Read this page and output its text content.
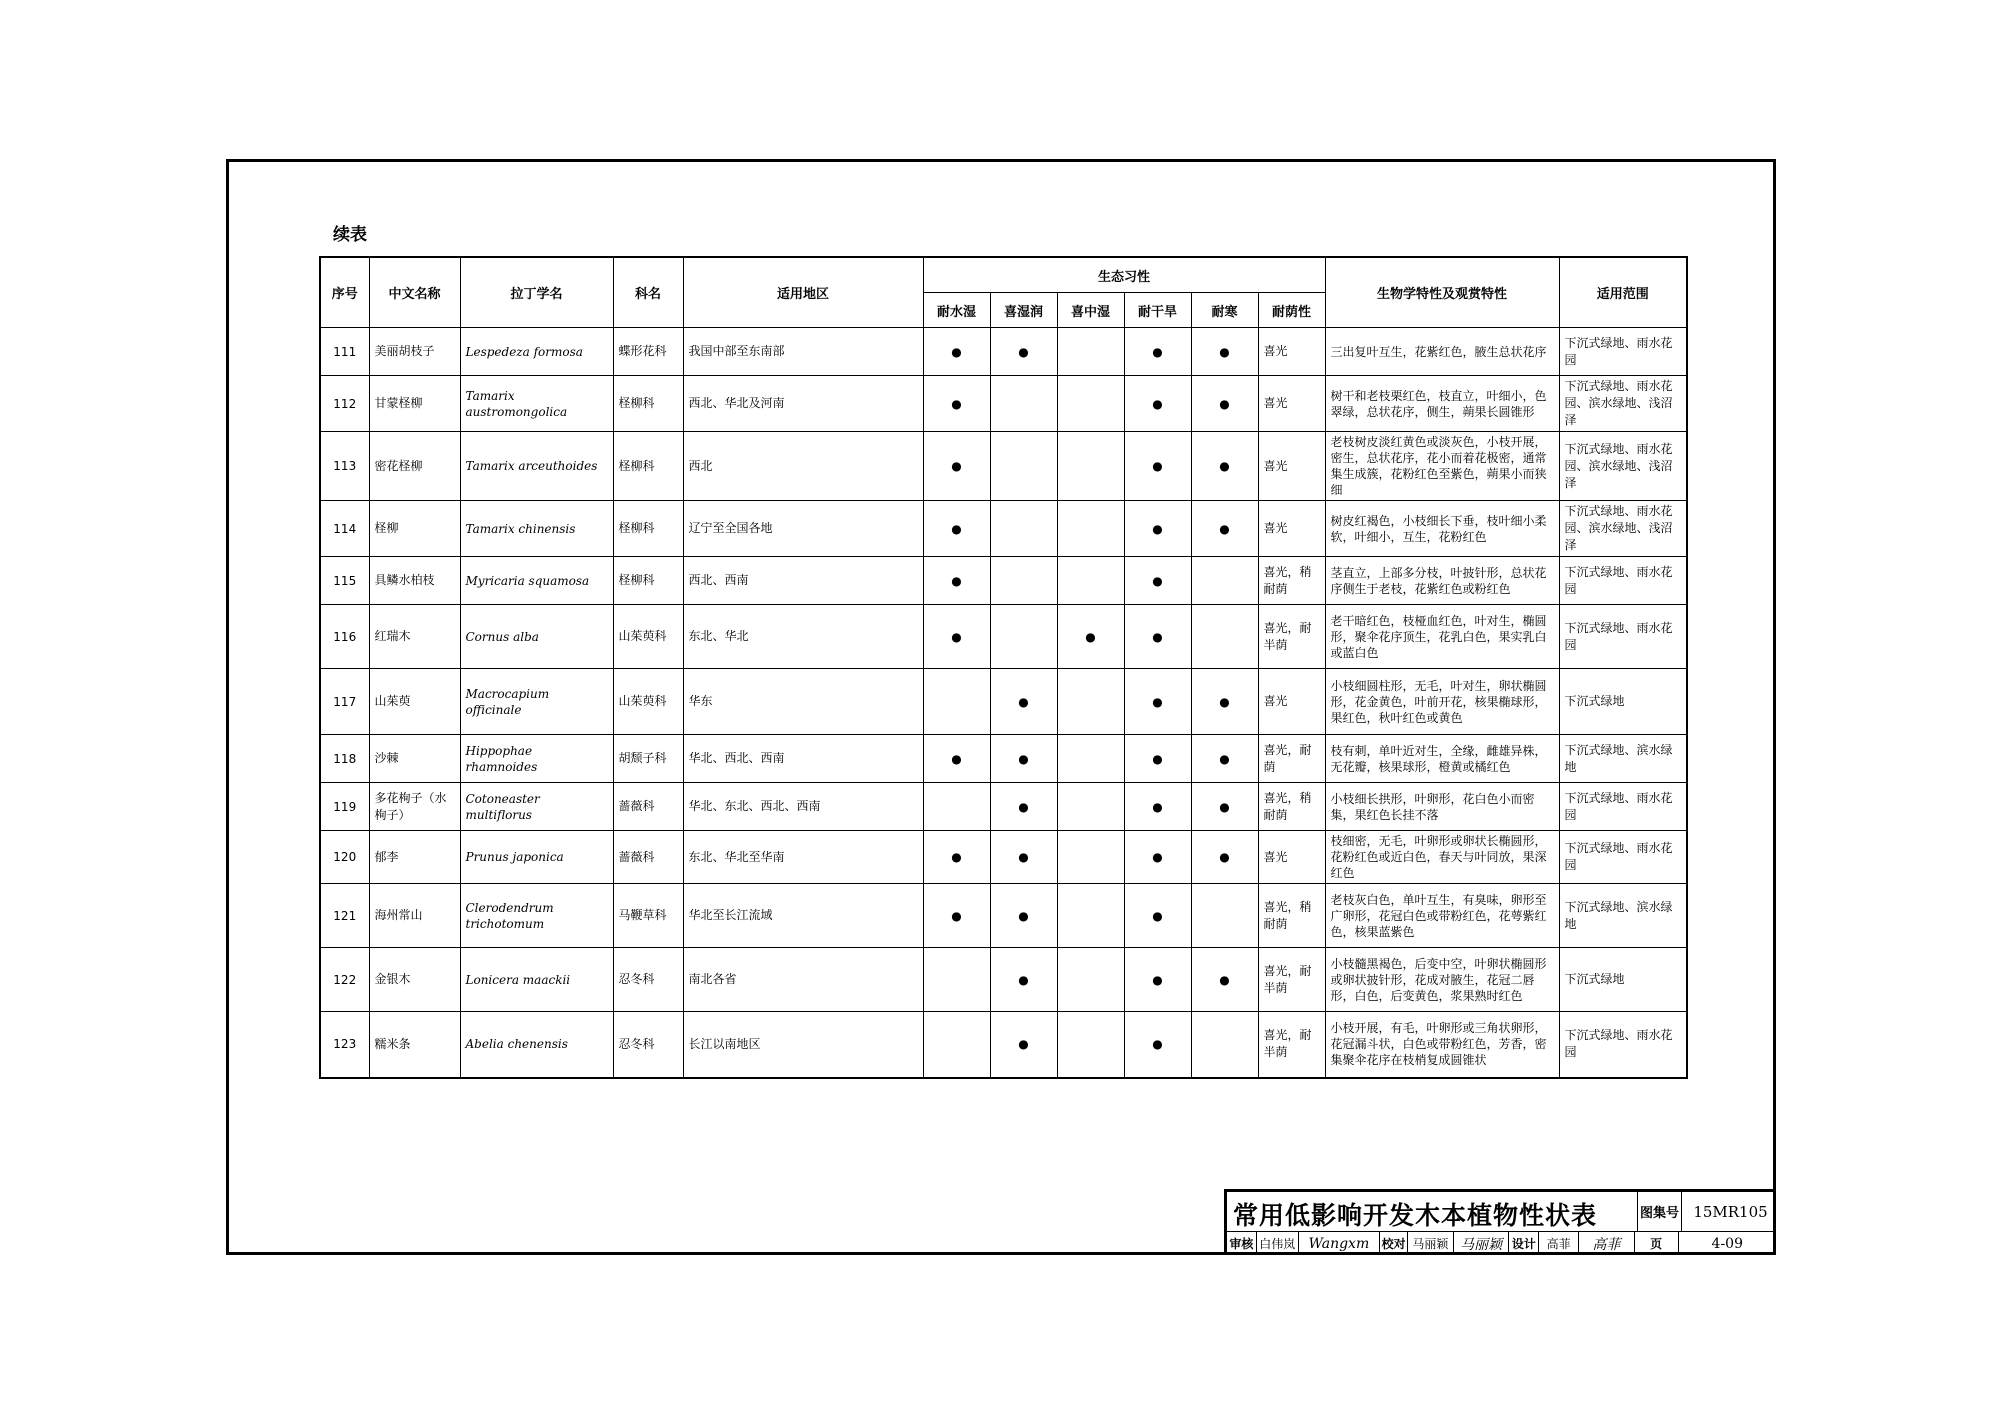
续表
序号	中文名称	拉丁学名	科名	适用地区	生态习性						生物学特性及观赏特性	适用范围
					耐水湿	喜湿润	喜中湿	耐干旱	耐寒	耐荫性		
111	美丽胡枝子	Lespedeza formosa	蝶形花科	我国中部至东南部	●	●		●	●	喜光	三出复叶互生，花紫红色，腋生总状花序	下沉式绿地、雨水花园
112	甘蒙柽柳	Tamarix austromongolica	柽柳科	西北、华北及河南	●			●	●	喜光	树干和老枝栗红色，枝直立，叶细小，色翠绿，总状花序，侧生，蒴果长圆锥形	下沉式绿地、雨水花园、滨水绿地、浅沼泽
113	密花柽柳	Tamarix arceuthoides	柽柳科	西北	●			●	●	喜光	老枝树皮淡红黄色或淡灰色，小枝开展，密生，总状花序，花小而着花极密，通常集生成簇，花粉红色至紫色，蒴果小而狭细	下沉式绿地、雨水花园、滨水绿地、浅沼泽
114	柽柳	Tamarix chinensis	柽柳科	辽宁至全国各地	●			●	●	喜光	树皮红褐色，小枝细长下垂，枝叶细小柔软，叶细小，互生，花粉红色	下沉式绿地、雨水花园、滨水绿地、浅沼泽
115	具鳞水柏枝	Myricaria squamosa	柽柳科	西北、西南	●			●		喜光，稍耐荫	茎直立，上部多分枝，叶披针形，总状花序侧生于老枝，花紫红色或粉红色	下沉式绿地、雨水花园
116	红瑞木	Cornus alba	山茱萸科	东北、华北	●		●	●		喜光，耐半荫	老干暗红色，枝桠血红色，叶对生，椭圆形，聚伞花序顶生，花乳白色，果实乳白或蓝白色	下沉式绿地、雨水花园
117	山茱萸	Macrocapium officinale	山茱萸科	华东		●		●	●	喜光	小枝细圆柱形，无毛，叶对生，卵状椭圆形，花金黄色，叶前开花，核果椭球形，果红色，秋叶红色或黄色	下沉式绿地
118	沙棘	Hippophae rhamnoides	胡颓子科	华北、西北、西南	●	●		●	●	喜光，耐荫	枝有刺，单叶近对生，全缘，雌雄异株，无花瓣，核果球形，橙黄或橘红色	下沉式绿地、滨水绿地
119	多花栒子（水栒子）	Cotoneaster multiflorus	蔷薇科	华北、东北、西北、西南		●		●	●	喜光，稍耐荫	小枝细长拱形，叶卵形，花白色小而密集，果红色长挂不落	下沉式绿地、雨水花园
120	郁李	Prunus japonica	蔷薇科	东北、华北至华南	●	●		●	●	喜光	枝细密，无毛，叶卵形或卵状长椭圆形，花粉红色或近白色，春天与叶同放，果深红色	下沉式绿地、雨水花园
121	海州常山	Clerodendrum trichotomum	马鞭草科	华北至长江流域	●	●		●		喜光，稍耐荫	老枝灰白色，单叶互生，有臭味，卵形至广卵形，花冠白色或带粉红色，花萼紫红色，核果蓝紫色	下沉式绿地、滨水绿地
122	金银木	Lonicera maackii	忍冬科	南北各省		●		●	●	喜光，耐半荫	小枝髓黑褐色，后变中空，叶卵状椭圆形或卵状披针形，花成对腋生，花冠二唇形，白色，后变黄色，浆果熟时红色	下沉式绿地
123	糯米条	Abelia chenensis	忍冬科	长江以南地区		●		●		喜光，耐半荫	小枝开展，有毛，叶卵形或三角状卵形，花冠漏斗状，白色或带粉红色，芳香，密集聚伞花序在枝梢复成圆锥状	下沉式绿地、雨水花园
常用低影响开发木本植物性状表	图集号 15MR105
审核 白伟岚 Wangxm	校对 马丽颖 马丽颖 设计 高菲	高菲	页	4-09
